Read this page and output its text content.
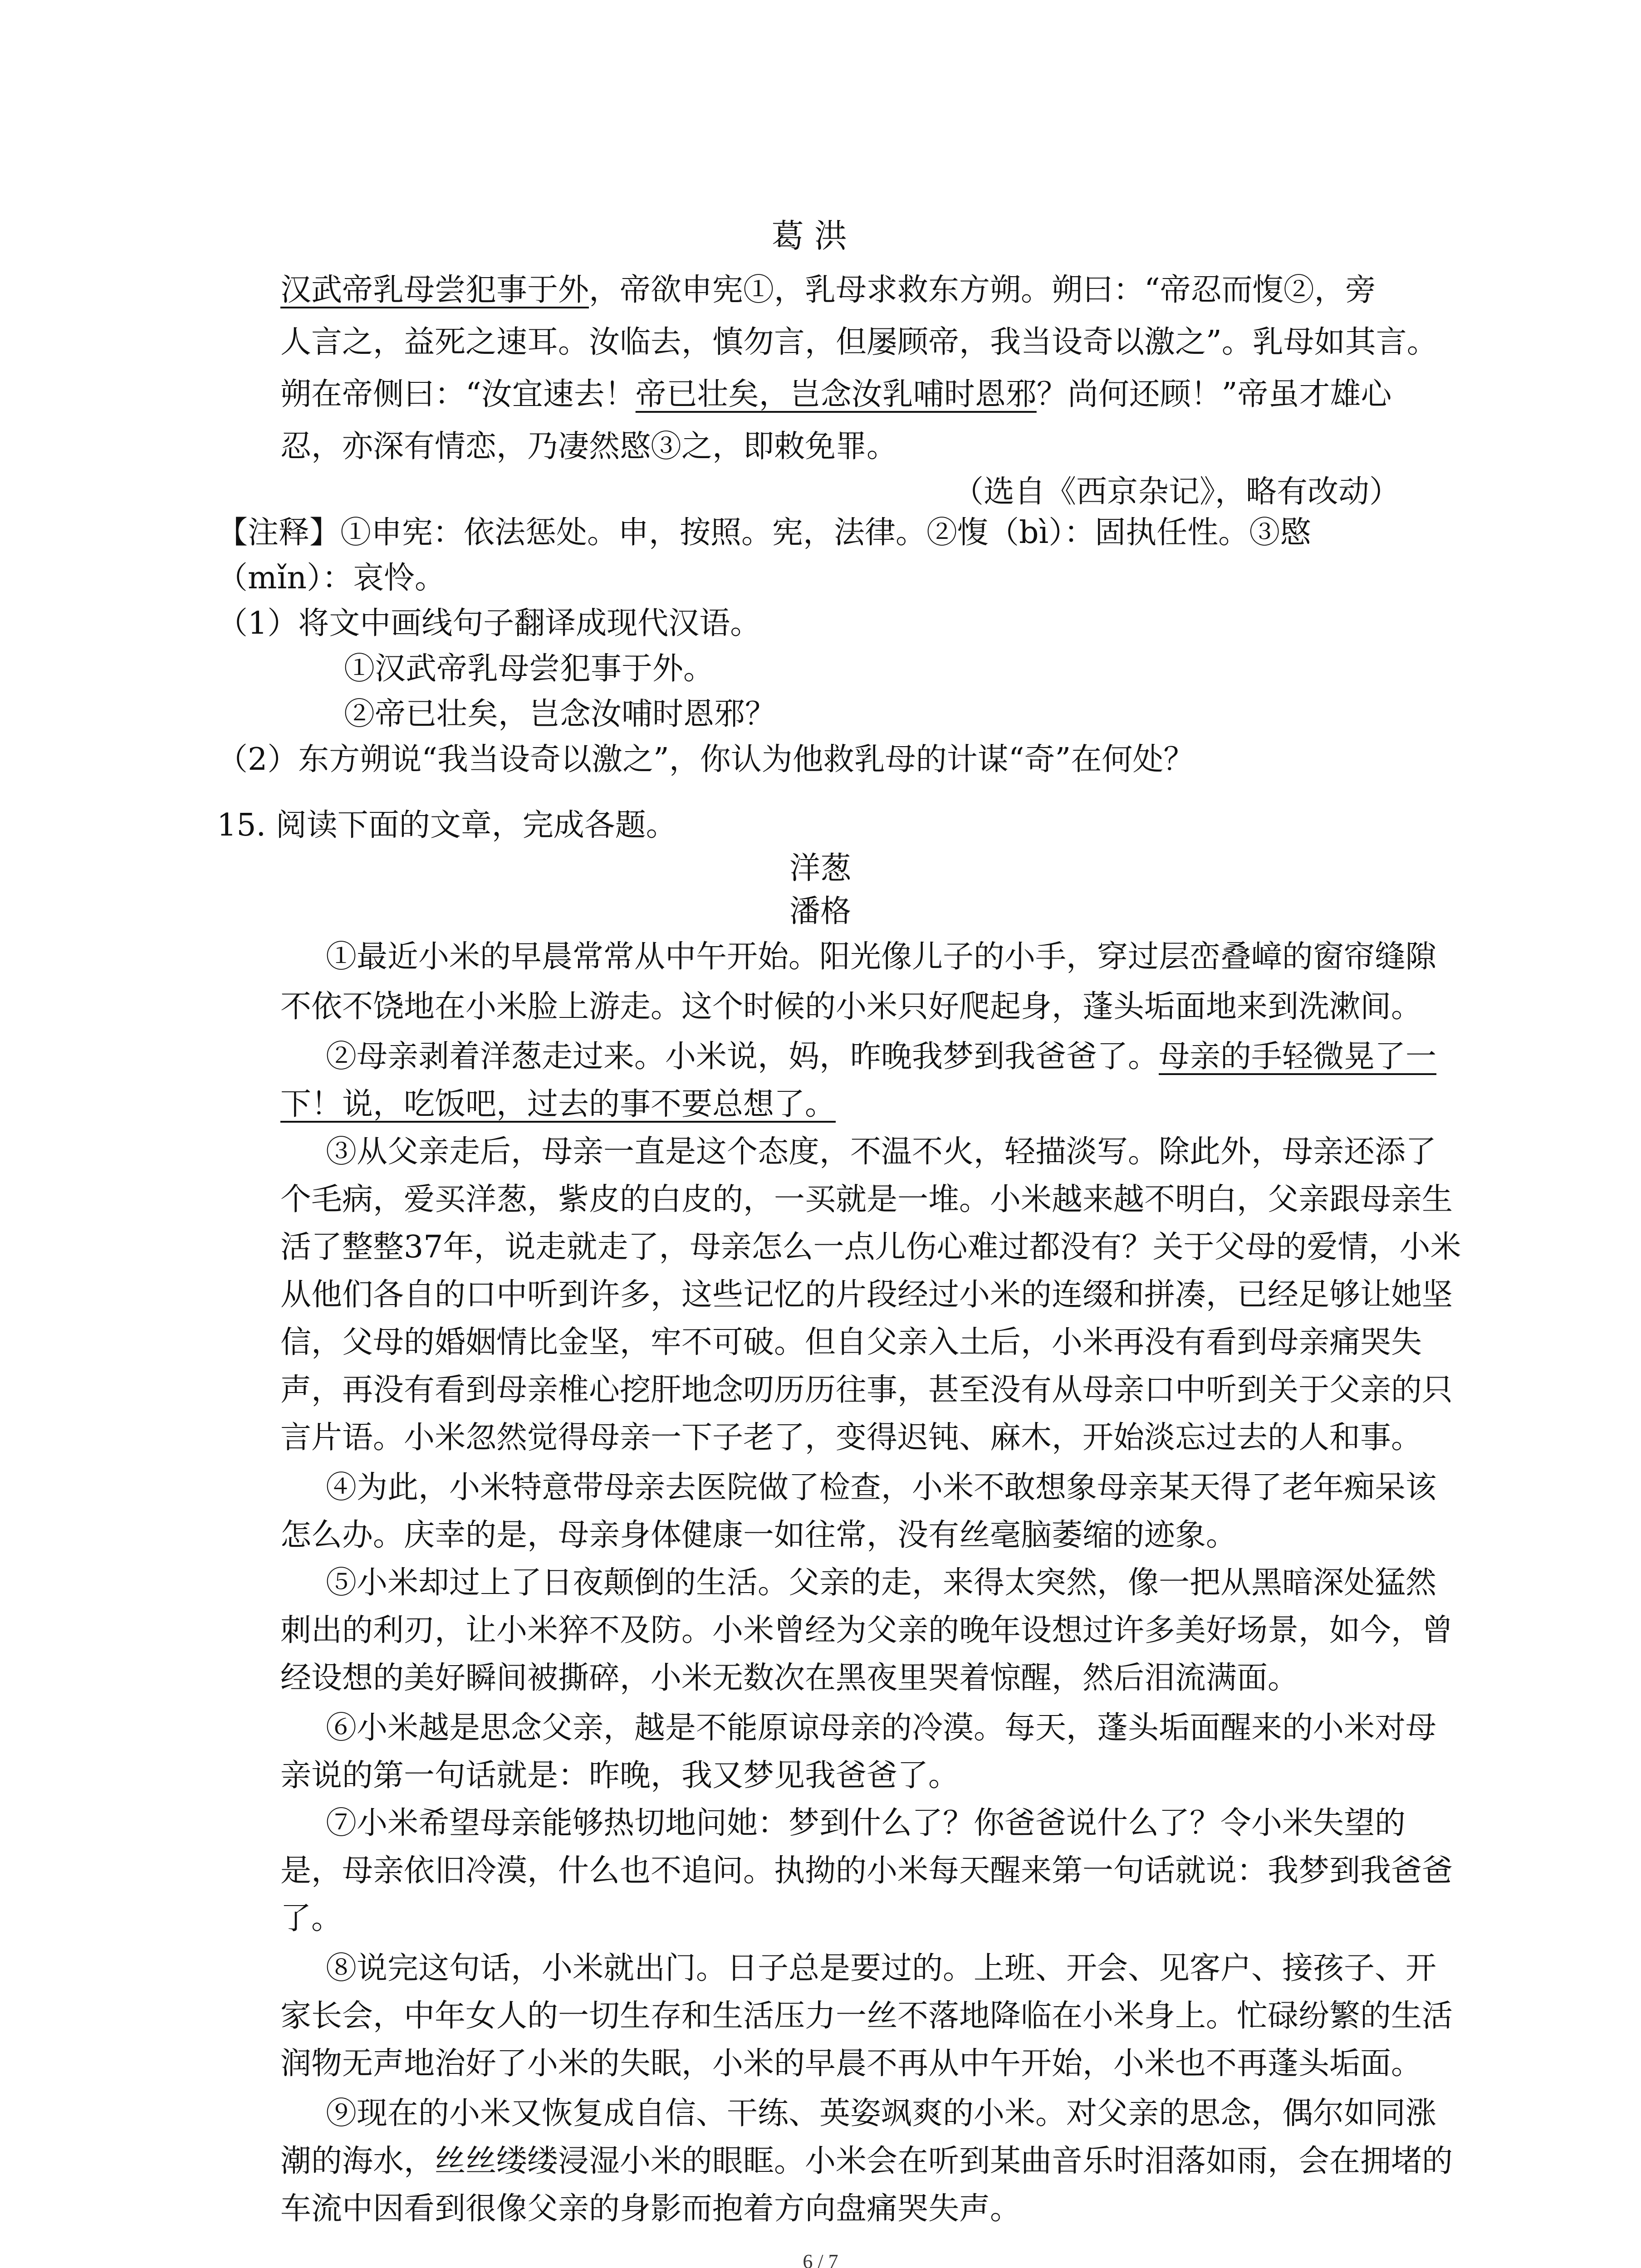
葛 洪
汉武帝乳母尝犯事于外，帝欲申宪①，乳母求救东方朔。朔曰：“帝忍而愎②，旁
人言之，益死之速耳。汝临去，慎勿言，但屡顾帝，我当设奇以激之”。乳母如其言。
朔在帝侧曰：“汝宜速去！帝已壮矣，岂念汝乳哺时恩邪？尚何还顾！”帝虽才雄心
忍，亦深有情恋，乃凄然愍③之，即敕免罪。
（选自《西京杂记》，略有改动）
【注释】①申宪：依法惩处。申，按照。宪，法律。②愎（bì）：固执任性。③愍
（mǐn）：哀怜。
（1）将文中画线句子翻译成现代汉语。
①汉武帝乳母尝犯事于外。
②帝已壮矣，岂念汝哺时恩邪？
（2）东方朔说“我当设奇以激之”，你认为他救乳母的计谋“奇”在何处？
15. 阅读下面的文章，完成各题。
洋葱
潘格
①最近小米的早晨常常从中午开始。阳光像儿子的小手，穿过层峦叠嶂的窗帘缝隙
不依不饶地在小米脸上游走。这个时候的小米只好爬起身，蓬头垢面地来到洗漱间。
②母亲剥着洋葱走过来。小米说，妈，昨晚我梦到我爸爸了。母亲的手轻微晃了一
下！说，吃饭吧，过去的事不要总想了。
③从父亲走后，母亲一直是这个态度，不温不火，轻描淡写。除此外，母亲还添了
个毛病，爱买洋葱，紫皮的白皮的，一买就是一堆。小米越来越不明白，父亲跟母亲生
活了整整37年，说走就走了，母亲怎么一点儿伤心难过都没有？关于父母的爱情，小米
从他们各自的口中听到许多，这些记忆的片段经过小米的连缀和拼凑，已经足够让她坚
信，父母的婚姻情比金坚，牢不可破。但自父亲入土后，小米再没有看到母亲痛哭失
声，再没有看到母亲椎心挖肝地念叨历历往事，甚至没有从母亲口中听到关于父亲的只
言片语。小米忽然觉得母亲一下子老了，变得迟钝、麻木，开始淡忘过去的人和事。
④为此，小米特意带母亲去医院做了检查，小米不敢想象母亲某天得了老年痴呆该
怎么办。庆幸的是，母亲身体健康一如往常，没有丝毫脑萎缩的迹象。
⑤小米却过上了日夜颠倒的生活。父亲的走，来得太突然，像一把从黑暗深处猛然
刺出的利刃，让小米猝不及防。小米曾经为父亲的晚年设想过许多美好场景，如今，曾
经设想的美好瞬间被撕碎，小米无数次在黑夜里哭着惊醒，然后泪流满面。
⑥小米越是思念父亲，越是不能原谅母亲的冷漠。每天，蓬头垢面醒来的小米对母
亲说的第一句话就是：昨晚，我又梦见我爸爸了。
⑦小米希望母亲能够热切地问她：梦到什么了？你爸爸说什么了？令小米失望的
是，母亲依旧冷漠，什么也不追问。执拗的小米每天醒来第一句话就说：我梦到我爸爸
了。
⑧说完这句话，小米就出门。日子总是要过的。上班、开会、见客户、接孩子、开
家长会，中年女人的一切生存和生活压力一丝不落地降临在小米身上。忙碌纷繁的生活
润物无声地治好了小米的失眠，小米的早晨不再从中午开始，小米也不再蓬头垢面。
⑨现在的小米又恢复成自信、干练、英姿飒爽的小米。对父亲的思念，偶尔如同涨
潮的海水，丝丝缕缕浸湿小米的眼眶。小米会在听到某曲音乐时泪落如雨，会在拥堵的
车流中因看到很像父亲的身影而抱着方向盘痛哭失声。
6 / 7
